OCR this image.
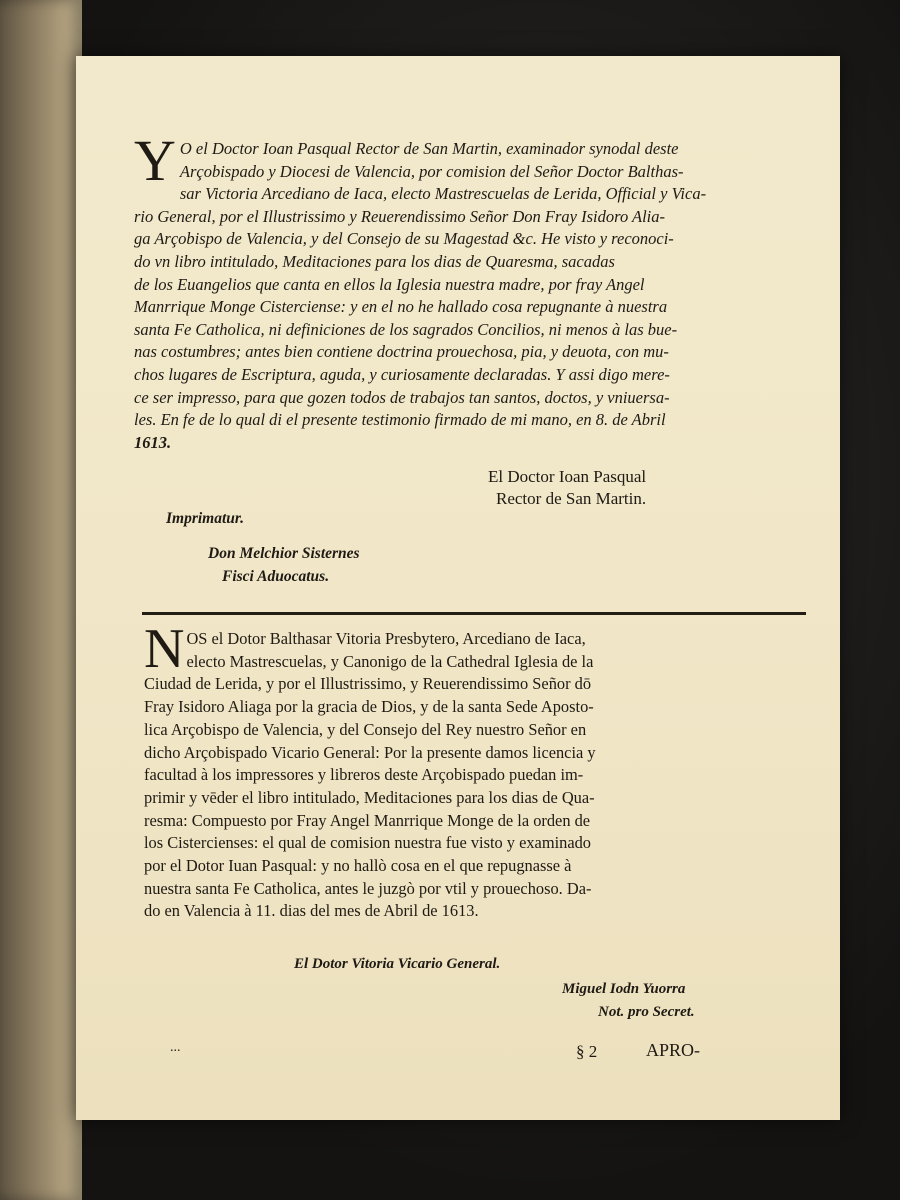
Y O el Doctor Ioan Pasqual Rector de San Martin, examinador synodal deste
Arçobispado y Diocesi de Valencia, por comision del Señor Doctor Balthas-
sar Victoria Arcediano de Iaca, electo Mastrescuelas de Lerida, Official y Vica-
rio General, por el Illustrissimo y Reuerendissimo Señor Don Fray Isidoro Alia-
ga Arçobispo de Valencia, y del Consejo de su Magestad &c. He visto y reconoci-
do vn libro intitulado, Meditaciones para los dias de Quaresma, sacadas
de los Euangelios que canta en ellos la Iglesia nuestra madre, por fray Angel
Manrrique Monge Cisterciense: y en el no he hallado cosa repugnante à nuestra
santa Fe Catholica, ni definiciones de los sagrados Concilios, ni menos à las bue-
nas costumbres; antes bien contiene doctrina prouechosa, pia, y deuota, con mu-
chos lugares de Escriptura, aguda, y curiosamente declaradas. Y assi digo mere-
ce ser impresso, para que gozen todos de trabajos tan santos, doctos, y vniuersa-
les. En fe de lo qual di el presente testimonio firmado de mi mano, en 8. de Abril
1613.
El Doctor Ioan Pasqual
Rector de San Martin.
Imprimatur.
Don Melchior Sisternes
Fisci Aduocatus.
N OS el Dotor Balthasar Vitoria Presbytero, Arcediano de Iaca,
electo Mastrescuelas, y Canonigo de la Cathedral Iglesia de la
Ciudad de Lerida, y por el Illustrissimo, y Reuerendissimo Señor dō
Fray Isidoro Aliaga por la gracia de Dios, y de la santa Sede Aposto-
lica Arçobispo de Valencia, y del Consejo del Rey nuestro Señor en
dicho Arçobispado Vicario General: Por la presente damos licencia y
facultad à los impressores y libreros deste Arçobispado puedan im-
primir y vēder el libro intitulado, Meditaciones para los dias de Qua-
resma: Compuesto por Fray Angel Manrrique Monge de la orden de
los Cistercienses: el qual de comision nuestra fue visto y examinado
por el Dotor Iuan Pasqual: y no hallò cosa en el que repugnasse à
nuestra santa Fe Catholica, antes le juzgò por vtil y prouechoso. Da-
do en Valencia à 11. dias del mes de Abril de 1613.
El Dotor Vitoria Vicario General.
Miguel Iodn Yuorra
Not. pro Secret.
...	§ 2	APRO-
